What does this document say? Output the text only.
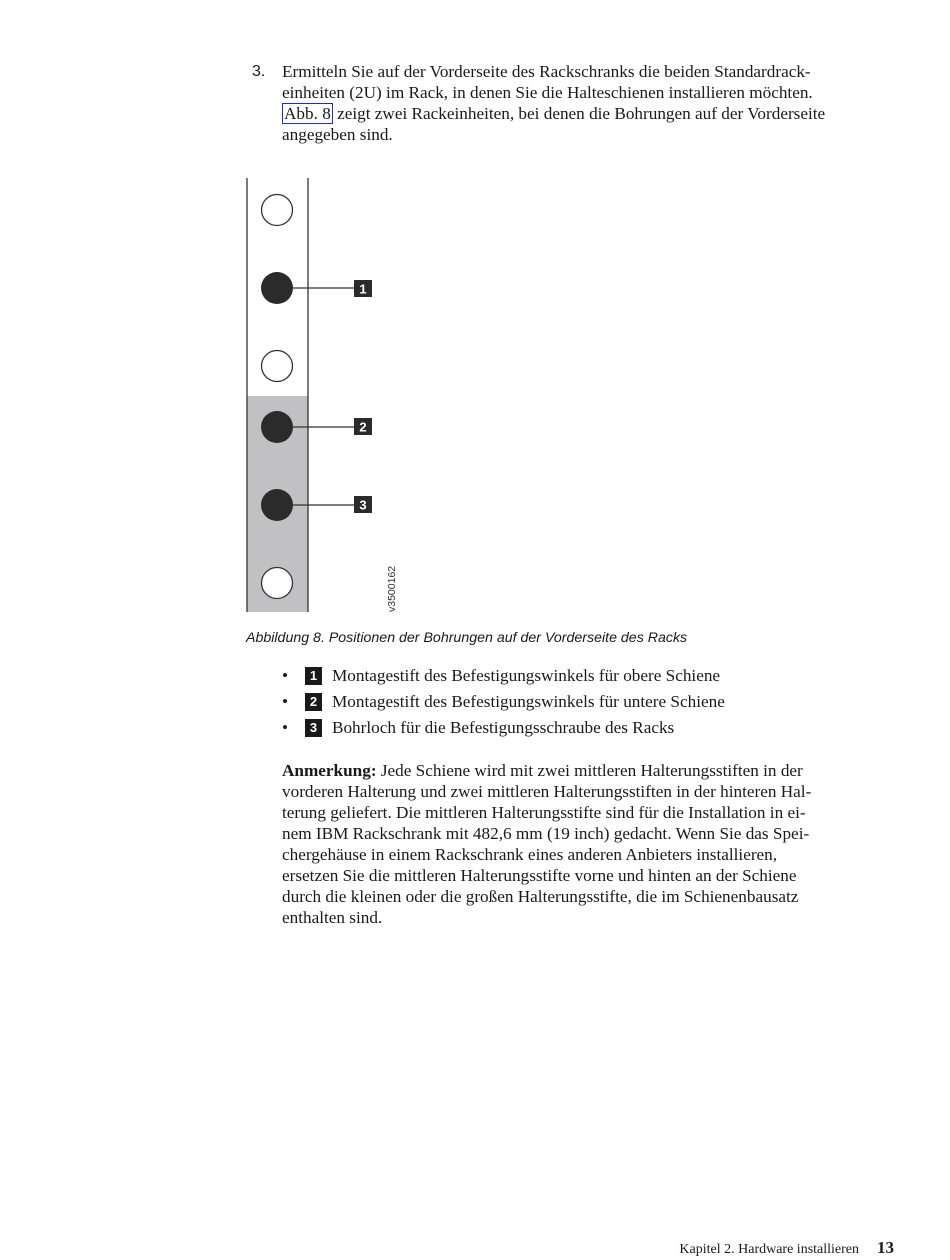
3. Ermitteln Sie auf der Vorderseite des Rackschranks die beiden Standardrack-

einheiten (2U) im Rack, in denen Sie die Halteschienen installieren möchten.

Abb. 8 zeigt zwei Rackeinheiten, bei denen die Bohrungen auf der Vorderseite

angegeben sind.

1
2
3
v3500162
Abbildung 8. Positionen der Bohrungen auf der Vorderseite des Racks
•	1 Montagestift des Befestigungswinkels für obere Schiene
•	2 Montagestift des Befestigungswinkels für untere Schiene
•	3 Bohrloch für die Befestigungsschraube des Racks

Anmerkung: Jede Schiene wird mit zwei mittleren Halterungsstiften in der

vorderen Halterung und zwei mittleren Halterungsstiften in der hinteren Hal-

terung geliefert. Die mittleren Halterungsstifte sind für die Installation in ei-

nem IBM Rackschrank mit 482,6 mm (19 inch) gedacht. Wenn Sie das Spei-

chergehäuse in einem Rackschrank eines anderen Anbieters installieren,

ersetzen Sie die mittleren Halterungsstifte vorne und hinten an der Schiene

durch die kleinen oder die großen Halterungsstifte, die im Schienenbausatz

enthalten sind.

Kapitel 2. Hardware installieren 13
